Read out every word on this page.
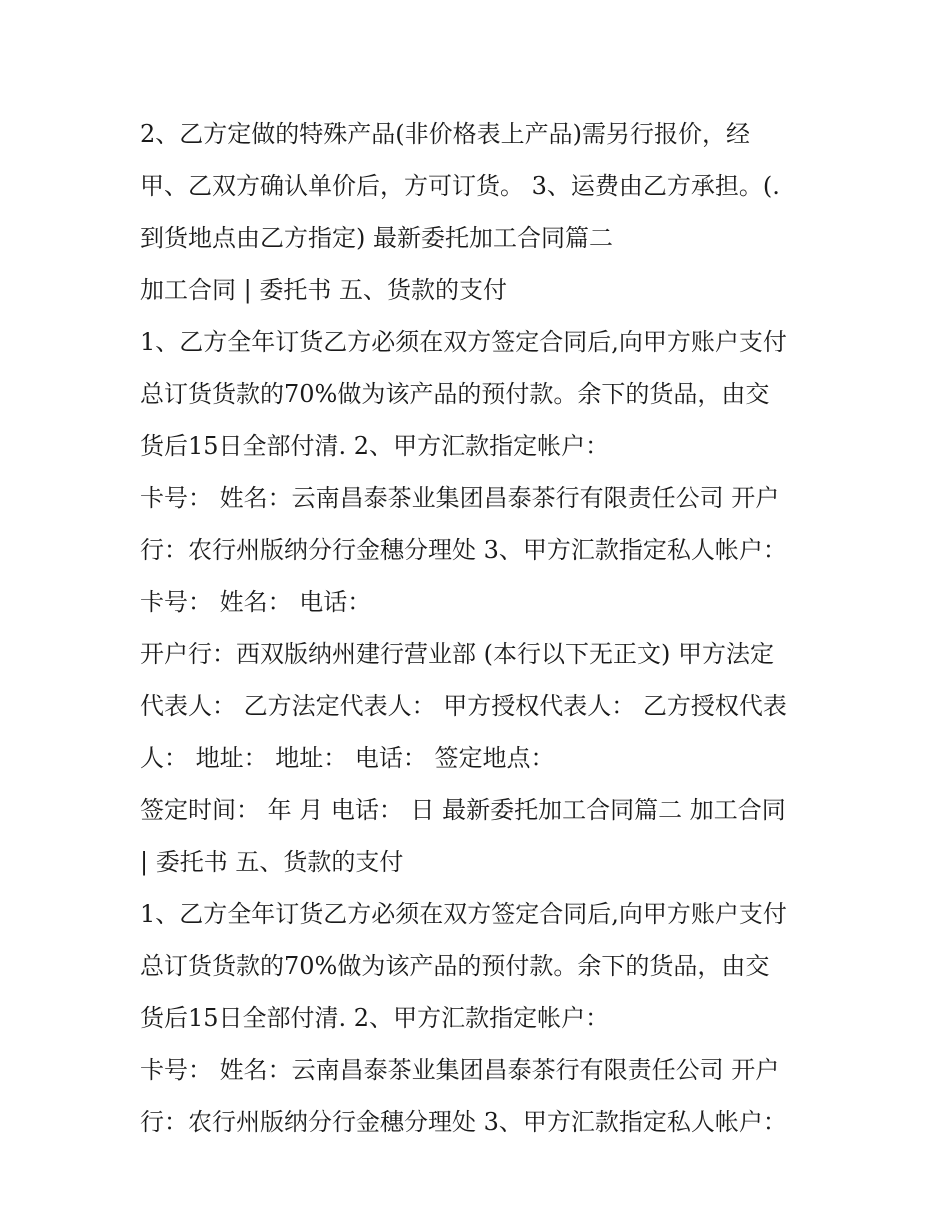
2、乙方定做的特殊产品(非价格表上产品)需另行报价，经
甲、乙双方确认单价后，方可订货。 3、运费由乙方承担。(.
到货地点由乙方指定) 最新委托加工合同篇二
加工合同 | 委托书 五、货款的支付
1、乙方全年订货乙方必须在双方签定合同后,向甲方账户支付
总订货货款的70%做为该产品的预付款。余下的货品，由交
货后15日全部付清. 2、甲方汇款指定帐户：
卡号： 姓名：云南昌泰茶业集团昌泰茶行有限责任公司 开户
行：农行州版纳分行金穗分理处 3、甲方汇款指定私人帐户：
卡号： 姓名： 电话：
开户行：西双版纳州建行营业部 (本行以下无正文) 甲方法定
代表人： 乙方法定代表人： 甲方授权代表人： 乙方授权代表
人： 地址： 地址： 电话： 签定地点：
签定时间： 年 月 电话： 日 最新委托加工合同篇二 加工合同
| 委托书 五、货款的支付
1、乙方全年订货乙方必须在双方签定合同后,向甲方账户支付
总订货货款的70%做为该产品的预付款。余下的货品，由交
货后15日全部付清. 2、甲方汇款指定帐户：
卡号： 姓名：云南昌泰茶业集团昌泰茶行有限责任公司 开户
行：农行州版纳分行金穗分理处 3、甲方汇款指定私人帐户：
